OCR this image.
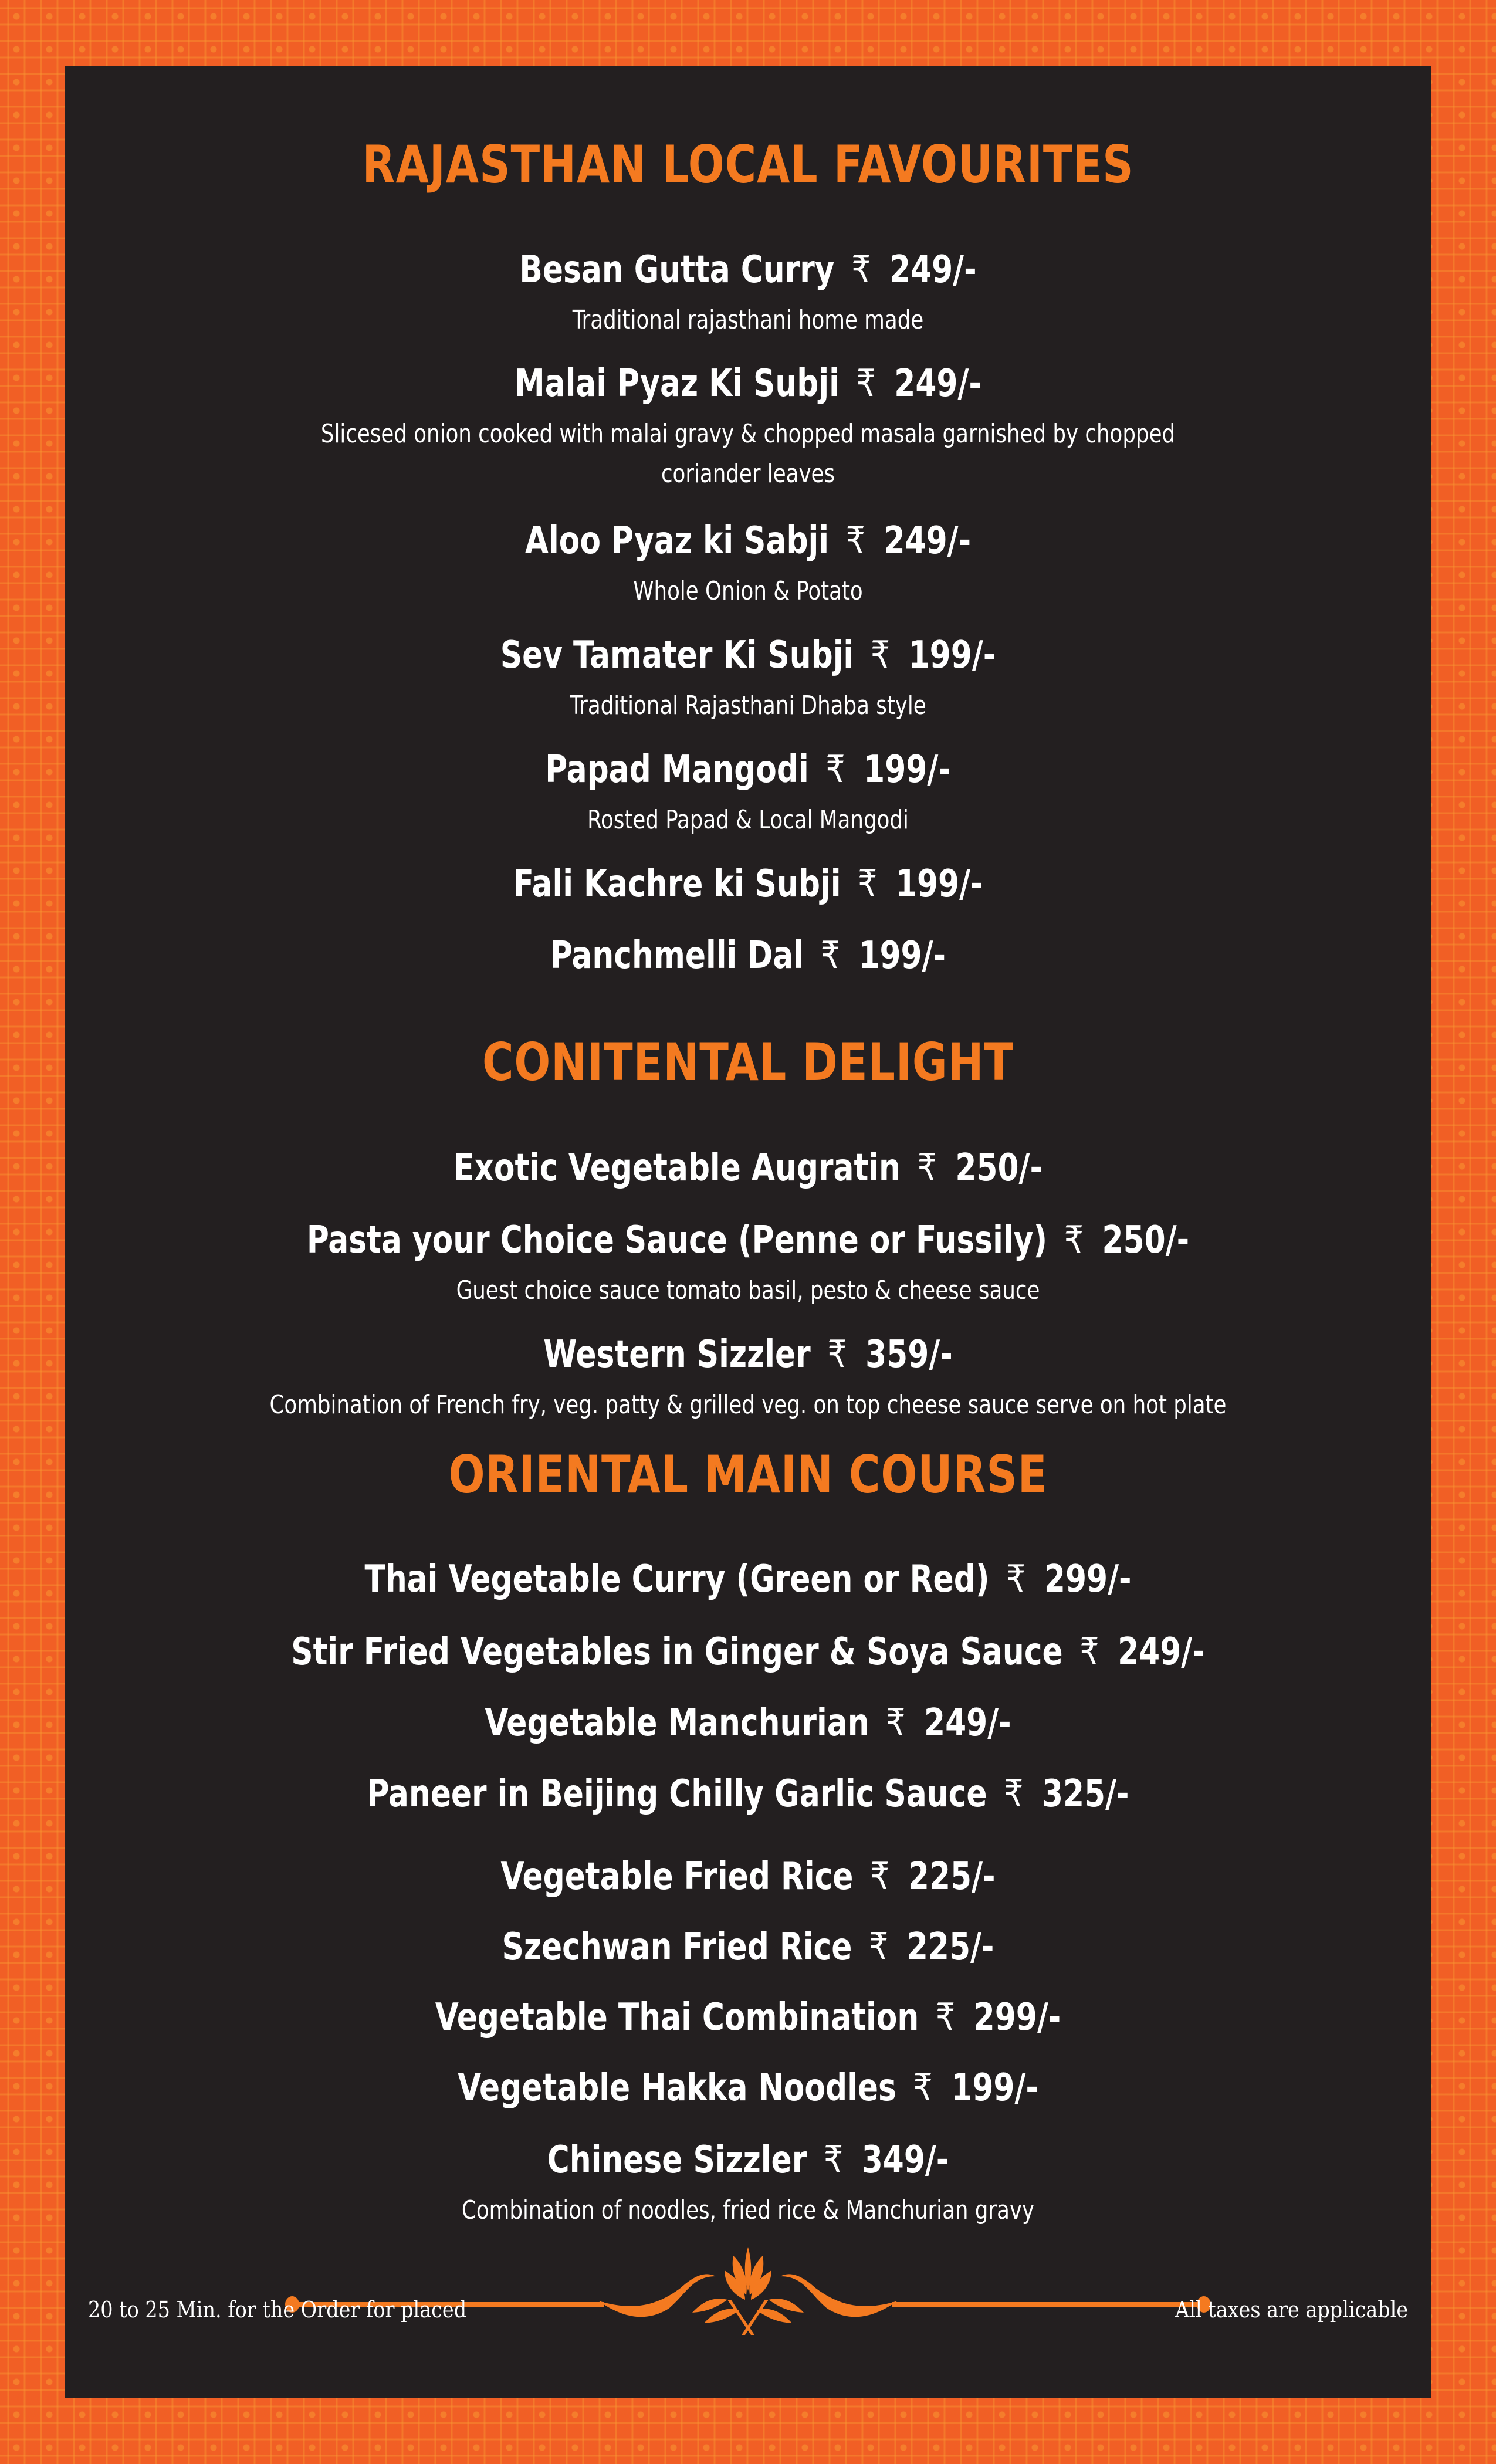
RAJASTHAN LOCAL FAVOURITES

Besan Gutta Curry ₹ 249/-

Traditional rajasthani home made

Malai Pyaz Ki Subji ₹ 249/-

Slicesed onion cooked with malai gravy & chopped masala garnished by chopped coriander leaves

Aloo Pyaz ki Sabji ₹ 249/-

Whole Onion & Potato

Sev Tamater Ki Subji ₹ 199/-

Traditional Rajasthani Dhaba style

Papad Mangodi ₹ 199/-

Rosted Papad & Local Mangodi

Fali Kachre ki Subji ₹ 199/-

Panchmelli Dal ₹ 199/-

CONITENTAL DELIGHT

Exotic Vegetable Augratin ₹ 250/-

Pasta your Choice Sauce (Penne or Fussily) ₹ 250/-

Guest choice sauce tomato basil, pesto & cheese sauce

Western Sizzler ₹ 359/-

Combination of French fry, veg. patty & grilled veg. on top cheese sauce serve on hot plate

ORIENTAL MAIN COURSE

Thai Vegetable Curry (Green or Red) ₹ 299/-

Stir Fried Vegetables in Ginger & Soya Sauce ₹ 249/-

Vegetable Manchurian ₹ 249/-

Paneer in Beijing Chilly Garlic Sauce ₹ 325/-

Vegetable Fried Rice ₹ 225/-

Szechwan Fried Rice ₹ 225/-

Vegetable Thai Combination ₹ 299/-

Vegetable Hakka Noodles ₹ 199/-

Chinese Sizzler ₹ 349/-

Combination of noodles, fried rice & Manchurian gravy

20 to 25 Min. for the Order for placed	All taxes are applicable
